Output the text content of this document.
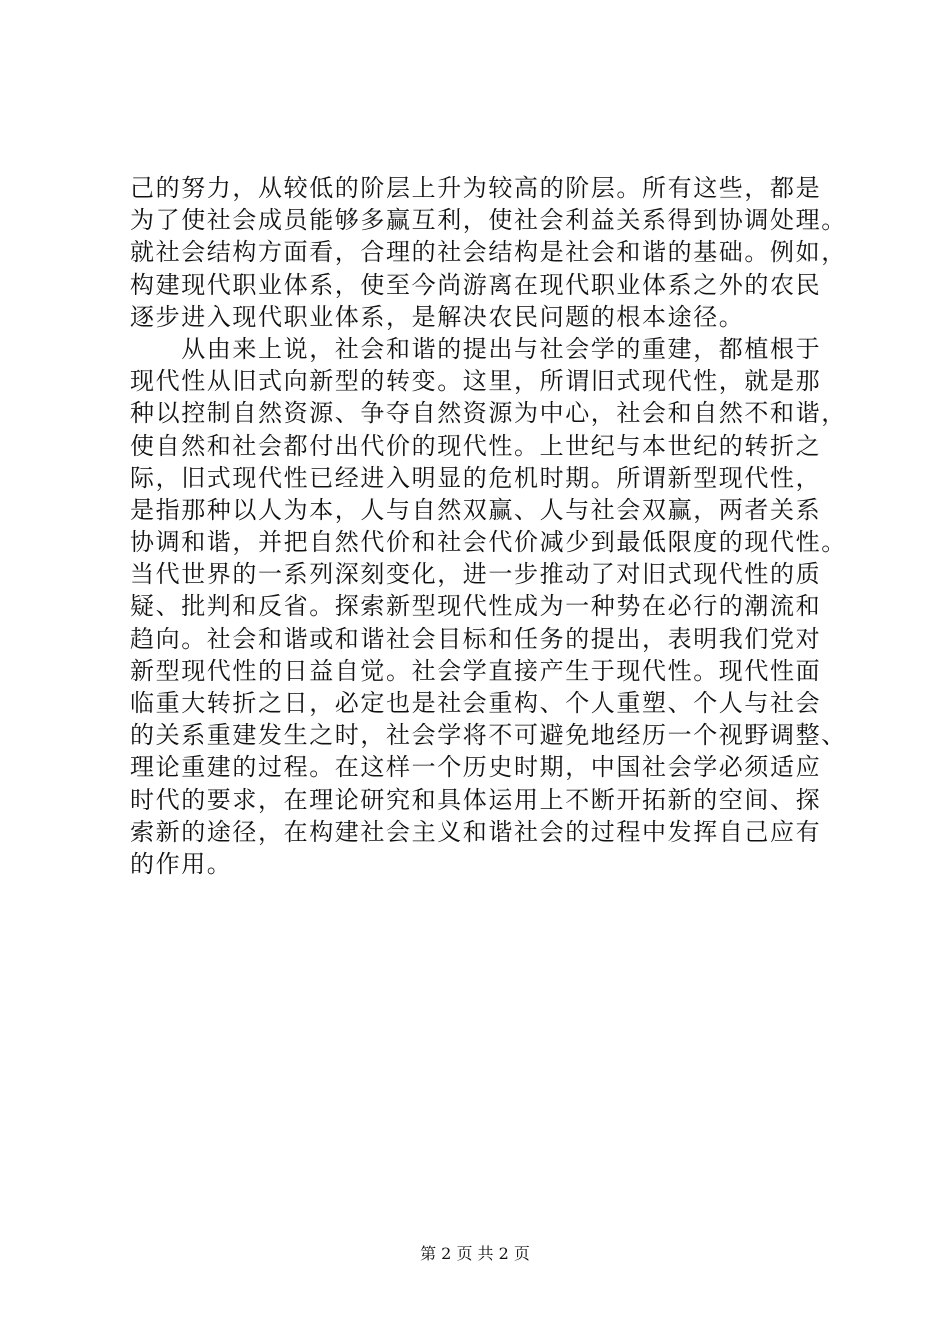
己的努力，从较低的阶层上升为较高的阶层。所有这些，都是
为了使社会成员能够多赢互利，使社会利益关系得到协调处理。
就社会结构方面看，合理的社会结构是社会和谐的基础。例如，
构建现代职业体系，使至今尚游离在现代职业体系之外的农民
逐步进入现代职业体系，是解决农民问题的根本途径。
　　从由来上说，社会和谐的提出与社会学的重建，都植根于
现代性从旧式向新型的转变。这里，所谓旧式现代性，就是那
种以控制自然资源、争夺自然资源为中心，社会和自然不和谐，
使自然和社会都付出代价的现代性。上世纪与本世纪的转折之
际，旧式现代性已经进入明显的危机时期。所谓新型现代性，
是指那种以人为本，人与自然双赢、人与社会双赢，两者关系
协调和谐，并把自然代价和社会代价减少到最低限度的现代性。
当代世界的一系列深刻变化，进一步推动了对旧式现代性的质
疑、批判和反省。探索新型现代性成为一种势在必行的潮流和
趋向。社会和谐或和谐社会目标和任务的提出，表明我们党对
新型现代性的日益自觉。社会学直接产生于现代性。现代性面
临重大转折之日，必定也是社会重构、个人重塑、个人与社会
的关系重建发生之时，社会学将不可避免地经历一个视野调整、
理论重建的过程。在这样一个历史时期，中国社会学必须适应
时代的要求，在理论研究和具体运用上不断开拓新的空间、探
索新的途径，在构建社会主义和谐社会的过程中发挥自己应有
的作用。
第 2 页 共 2 页
